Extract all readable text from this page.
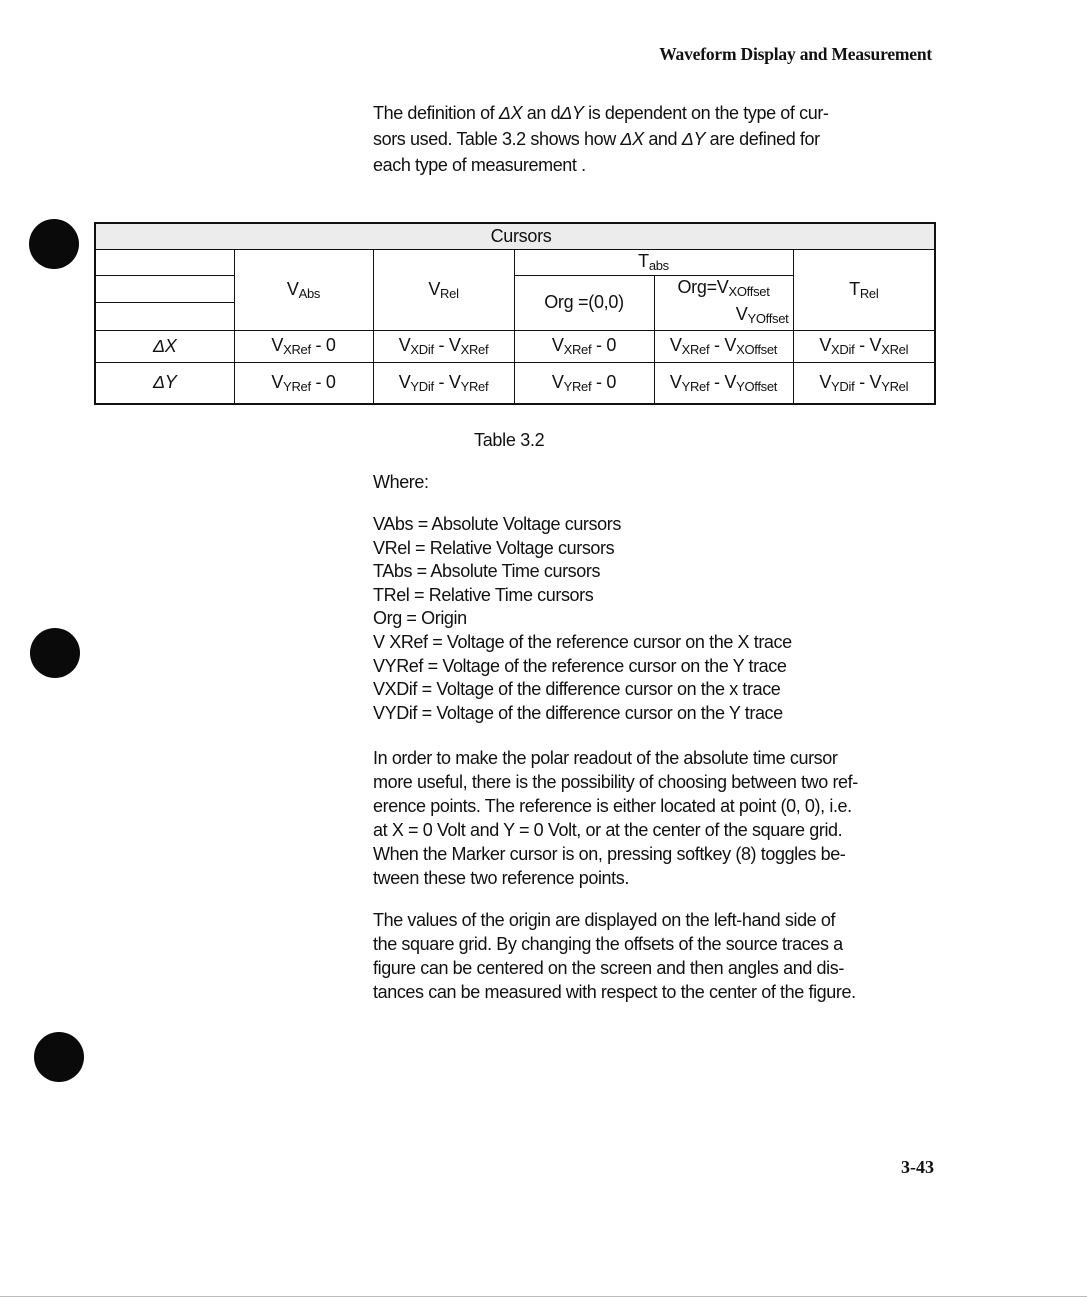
Waveform Display and Measurement
The definition of ΔX an dΔY is dependent on the type of cur-
sors used. Table 3.2 shows how ΔX and ΔY are defined for
each type of measurement .
Cursors					
	$V_{Abs}$	$V_{Rel}$	$T_{abs}$		$T_{Rel}$
			Org =(0,0)	$Org=V_{XOffset}$
$V_{YOffset}$

ΔX	$V_{XRef} - 0$	$V_{XDif} - V_{XRef}$	$V_{XRef} - 0$	$V_{XRef} - V_{XOffset}$	$V_{XDif} - V_{XRel}$
ΔY	$V_{YRef} - 0$	$V_{YDif} - V_{YRef}$	$V_{YRef} - 0$	$V_{YRef} - V_{YOffset}$	$V_{YDif} - V_{YRel}$
Table 3.2
Where:
VAbs = Absolute Voltage cursors
VRel = Relative Voltage cursors
TAbs = Absolute Time cursors
TRel = Relative Time cursors
Org = Origin
V XRef = Voltage of the reference cursor on the X trace
VYRef = Voltage of the reference cursor on the Y trace
VXDif = Voltage of the difference cursor on the x trace
VYDif = Voltage of the difference cursor on the Y trace

In order to make the polar readout of the absolute time cursor
more useful, there is the possibility of choosing between two ref-
erence points. The reference is either located at point (0, 0), i.e.
at X = 0 Volt and Y = 0 Volt, or at the center of the square grid.
When the Marker cursor is on, pressing softkey (8) toggles be-
tween these two reference points.

The values of the origin are displayed on the left-hand side of
the square grid. By changing the offsets of the source traces a
figure can be centered on the screen and then angles and dis-
tances can be measured with respect to the center of the figure.

3-43
